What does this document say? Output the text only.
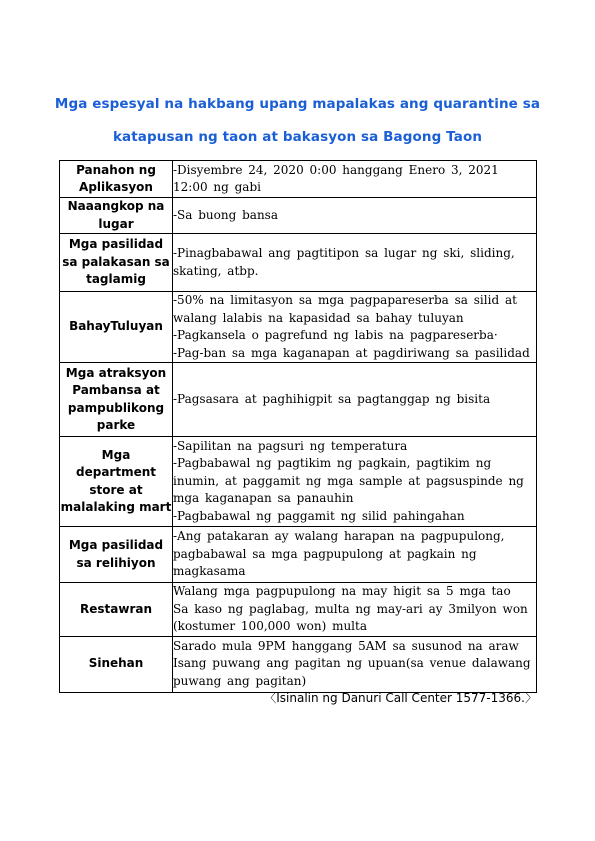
Mga espesyal na hakbang upang mapalakas ang quarantine sa
katapusan ng taon at bakasyon sa Bagong Taon
Panahon ng Aplikasyon	-Disyembre 24, 2020 0:00 hanggang Enero 3, 2021 12:00 ng gabi

Naaangkop na lugar	-Sa buong bansa

Mga pasilidad sa palakasan sa taglamig	-Pinagbabawal ang pagtitipon sa lugar ng ski, sliding, skating, atbp.

BahayTuluyan	-50% na limitasyon sa mga pagpapareserba sa silid at walang lalabis na kapasidad sa bahay tuluyan
-Pagkansela o pagrefund ng labis na pagpareserba·
-Pag-ban sa mga kaganapan at pagdiriwang sa pasilidad

Mga atraksyon Pambansa at pampublikong parke	-Pagsasara at paghihigpit sa pagtanggap ng bisita

Mga department store at malalaking mart	-Sapilitan na pagsuri ng temperatura
-Pagbabawal ng pagtikim ng pagkain, pagtikim ng inumin, at paggamit ng mga sample at pagsuspinde ng mga kaganapan sa panauhin
-Pagbabawal ng paggamit ng silid pahingahan

Mga pasilidad sa relihiyon	-Ang patakaran ay walang harapan na pagpupulong, pagbabawal sa mga pagpupulong at pagkain ng magkasama

Restawran	Walang mga pagpupulong na may higit sa 5 mga tao
Sa kaso ng paglabag, multa ng may-ari ay 3milyon won (kostumer 100,000 won) multa

Sinehan	Sarado mula 9PM hanggang 5AM sa susunod na araw
Isang puwang ang pagitan ng upuan(sa venue dalawang puwang ang pagitan)
〈Isinalin ng Danuri Call Center 1577-1366.〉
